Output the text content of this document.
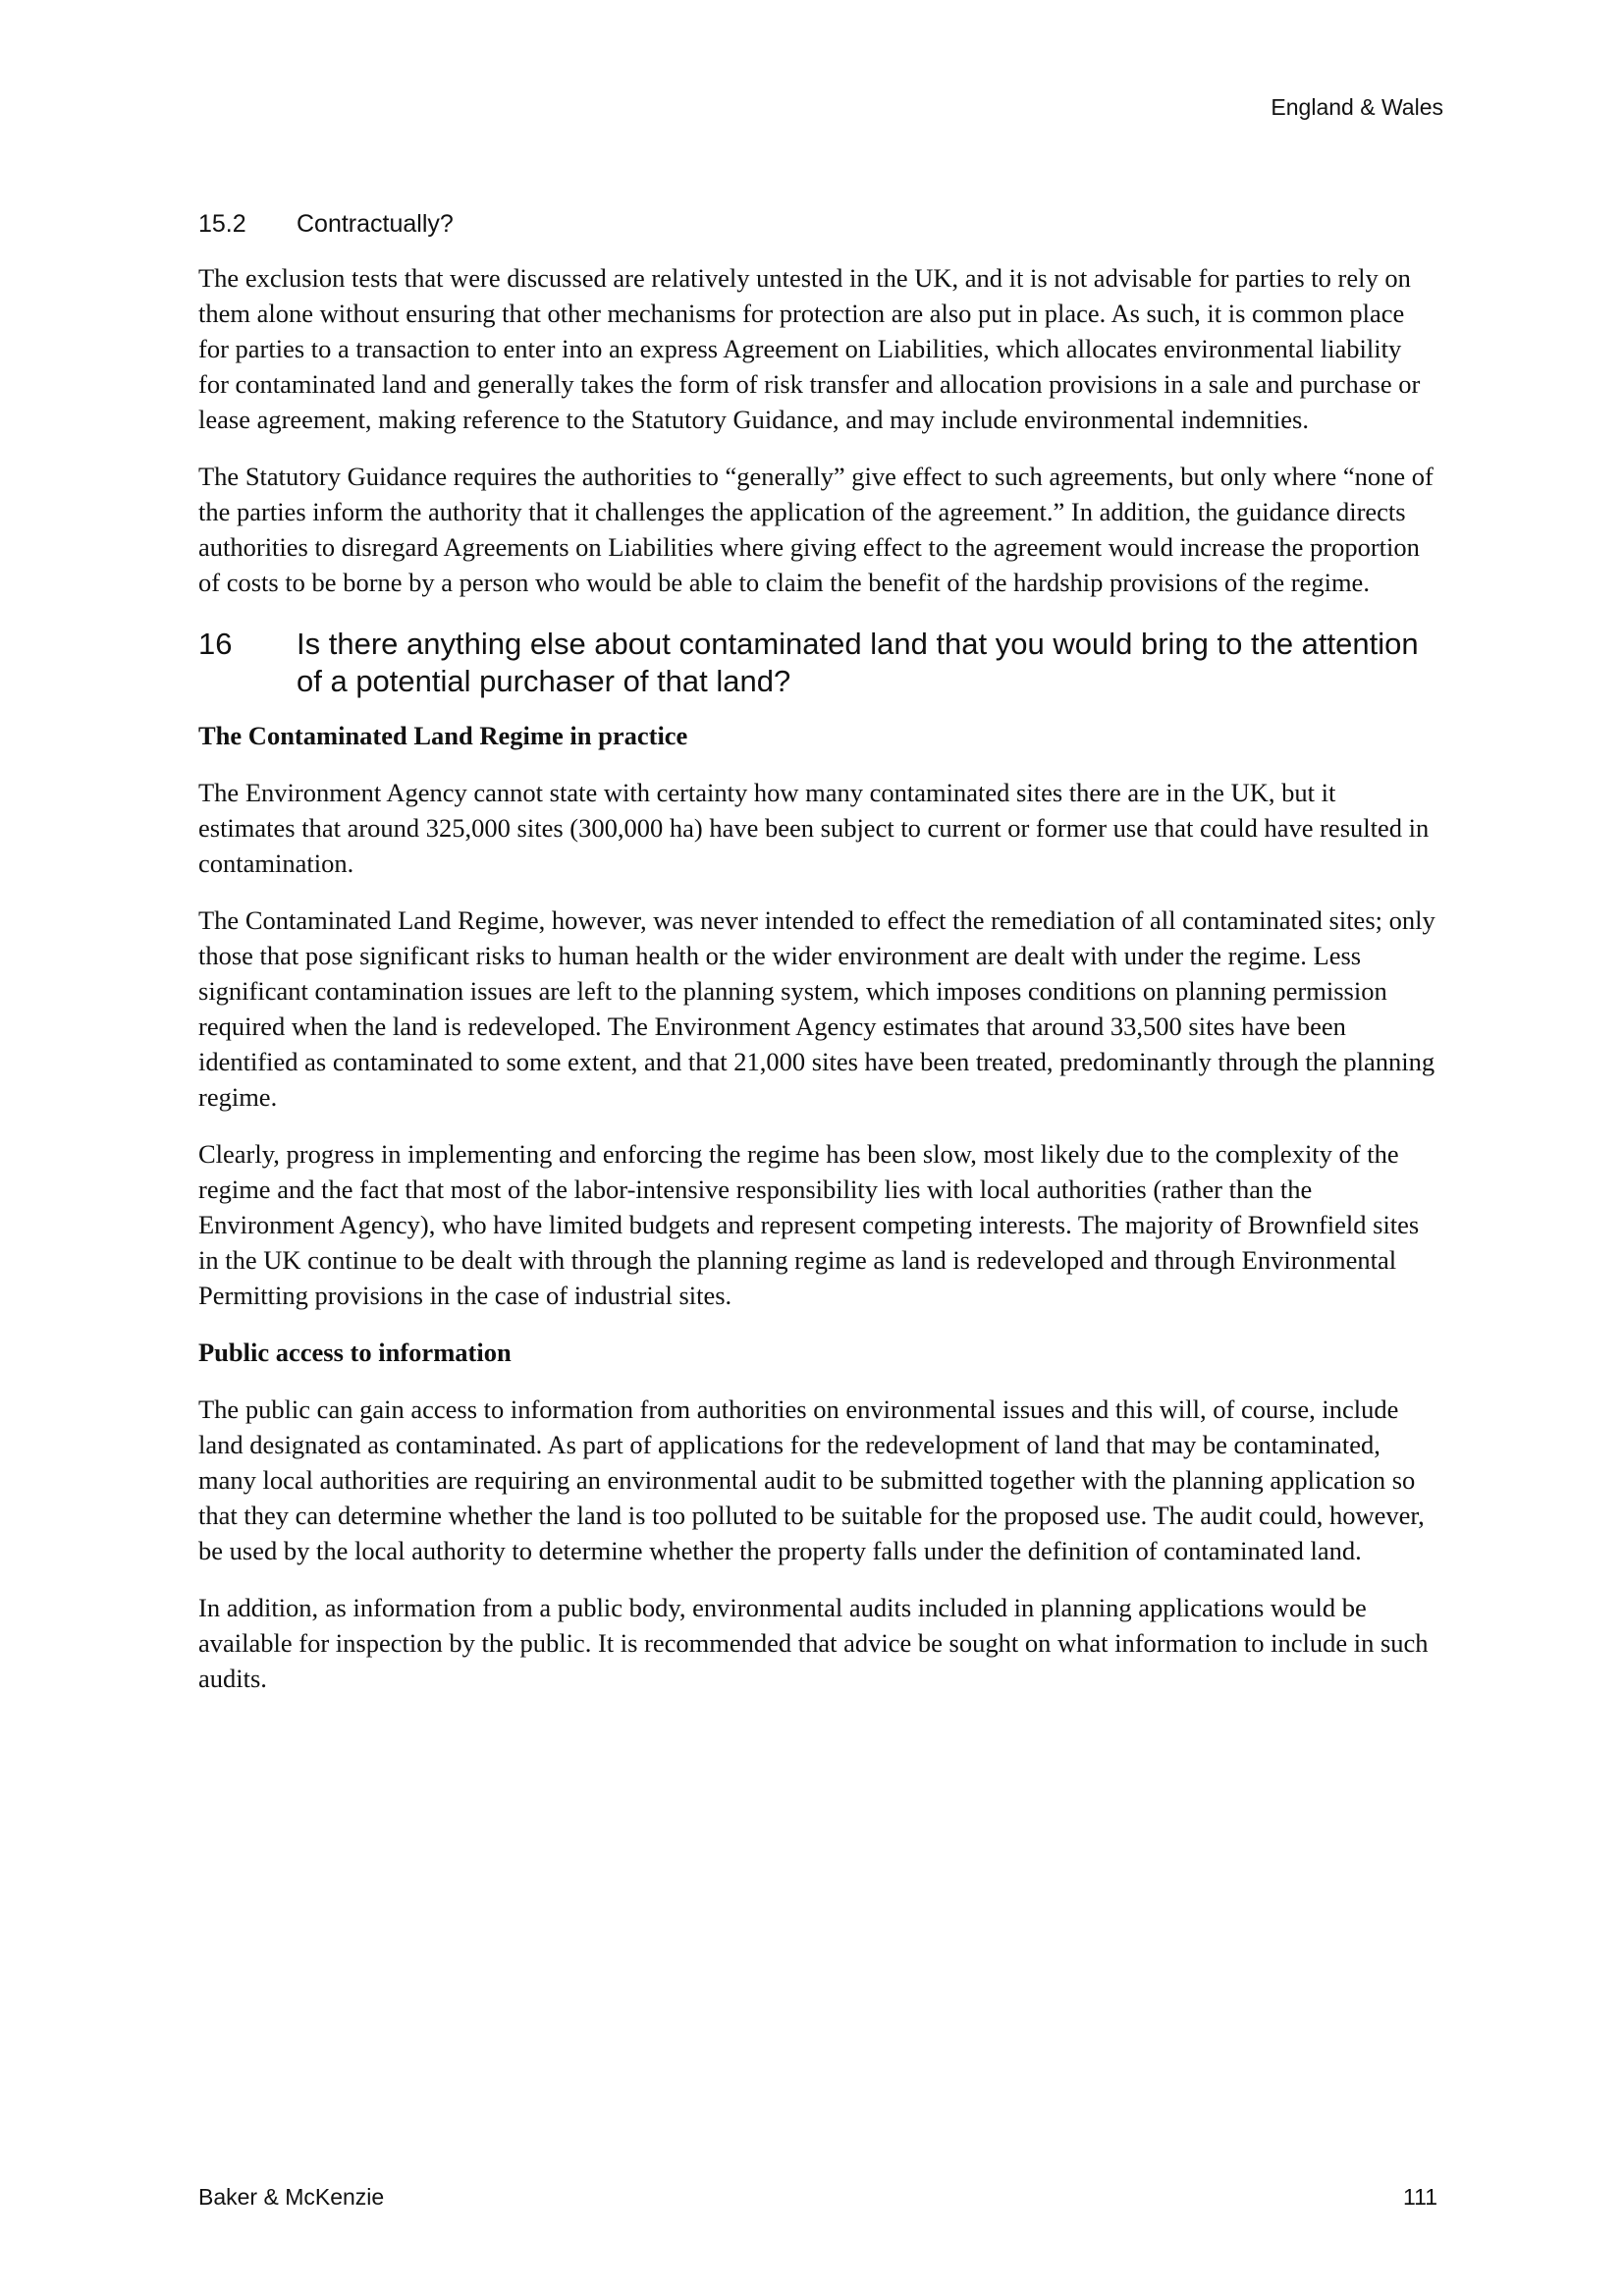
England & Wales
15.2	Contractually?

The exclusion tests that were discussed are relatively untested in the UK, and it is not advisable for parties to rely on them alone without ensuring that other mechanisms for protection are also put in place. As such, it is common place for parties to a transaction to enter into an express Agreement on Liabilities, which allocates environmental liability for contaminated land and generally takes the form of risk transfer and allocation provisions in a sale and purchase or lease agreement, making reference to the Statutory Guidance, and may include environmental indemnities.

The Statutory Guidance requires the authorities to “generally” give effect to such agreements, but only where “none of the parties inform the authority that it challenges the application of the agreement.” In addition, the guidance directs authorities to disregard Agreements on Liabilities where giving effect to the agreement would increase the proportion of costs to be borne by a person who would be able to claim the benefit of the hardship provisions of the regime.

16	Is there anything else about contaminated land that you would bring to the attention of a potential purchaser of that land?
The Contaminated Land Regime in practice

The Environment Agency cannot state with certainty how many contaminated sites there are in the UK, but it estimates that around 325,000 sites (300,000 ha) have been subject to current or former use that could have resulted in contamination.

The Contaminated Land Regime, however, was never intended to effect the remediation of all contaminated sites; only those that pose significant risks to human health or the wider environment are dealt with under the regime. Less significant contamination issues are left to the planning system, which imposes conditions on planning permission required when the land is redeveloped. The Environment Agency estimates that around 33,500 sites have been identified as contaminated to some extent, and that 21,000 sites have been treated, predominantly through the planning regime.

Clearly, progress in implementing and enforcing the regime has been slow, most likely due to the complexity of the regime and the fact that most of the labor-intensive responsibility lies with local authorities (rather than the Environment Agency), who have limited budgets and represent competing interests. The majority of Brownfield sites in the UK continue to be dealt with through the planning regime as land is redeveloped and through Environmental Permitting provisions in the case of industrial sites.

Public access to information

The public can gain access to information from authorities on environmental issues and this will, of course, include land designated as contaminated. As part of applications for the redevelopment of land that may be contaminated, many local authorities are requiring an environmental audit to be submitted together with the planning application so that they can determine whether the land is too polluted to be suitable for the proposed use. The audit could, however, be used by the local authority to determine whether the property falls under the definition of contaminated land.

In addition, as information from a public body, environmental audits included in planning applications would be available for inspection by the public. It is recommended that advice be sought on what information to include in such audits.

Baker & McKenzie	111
